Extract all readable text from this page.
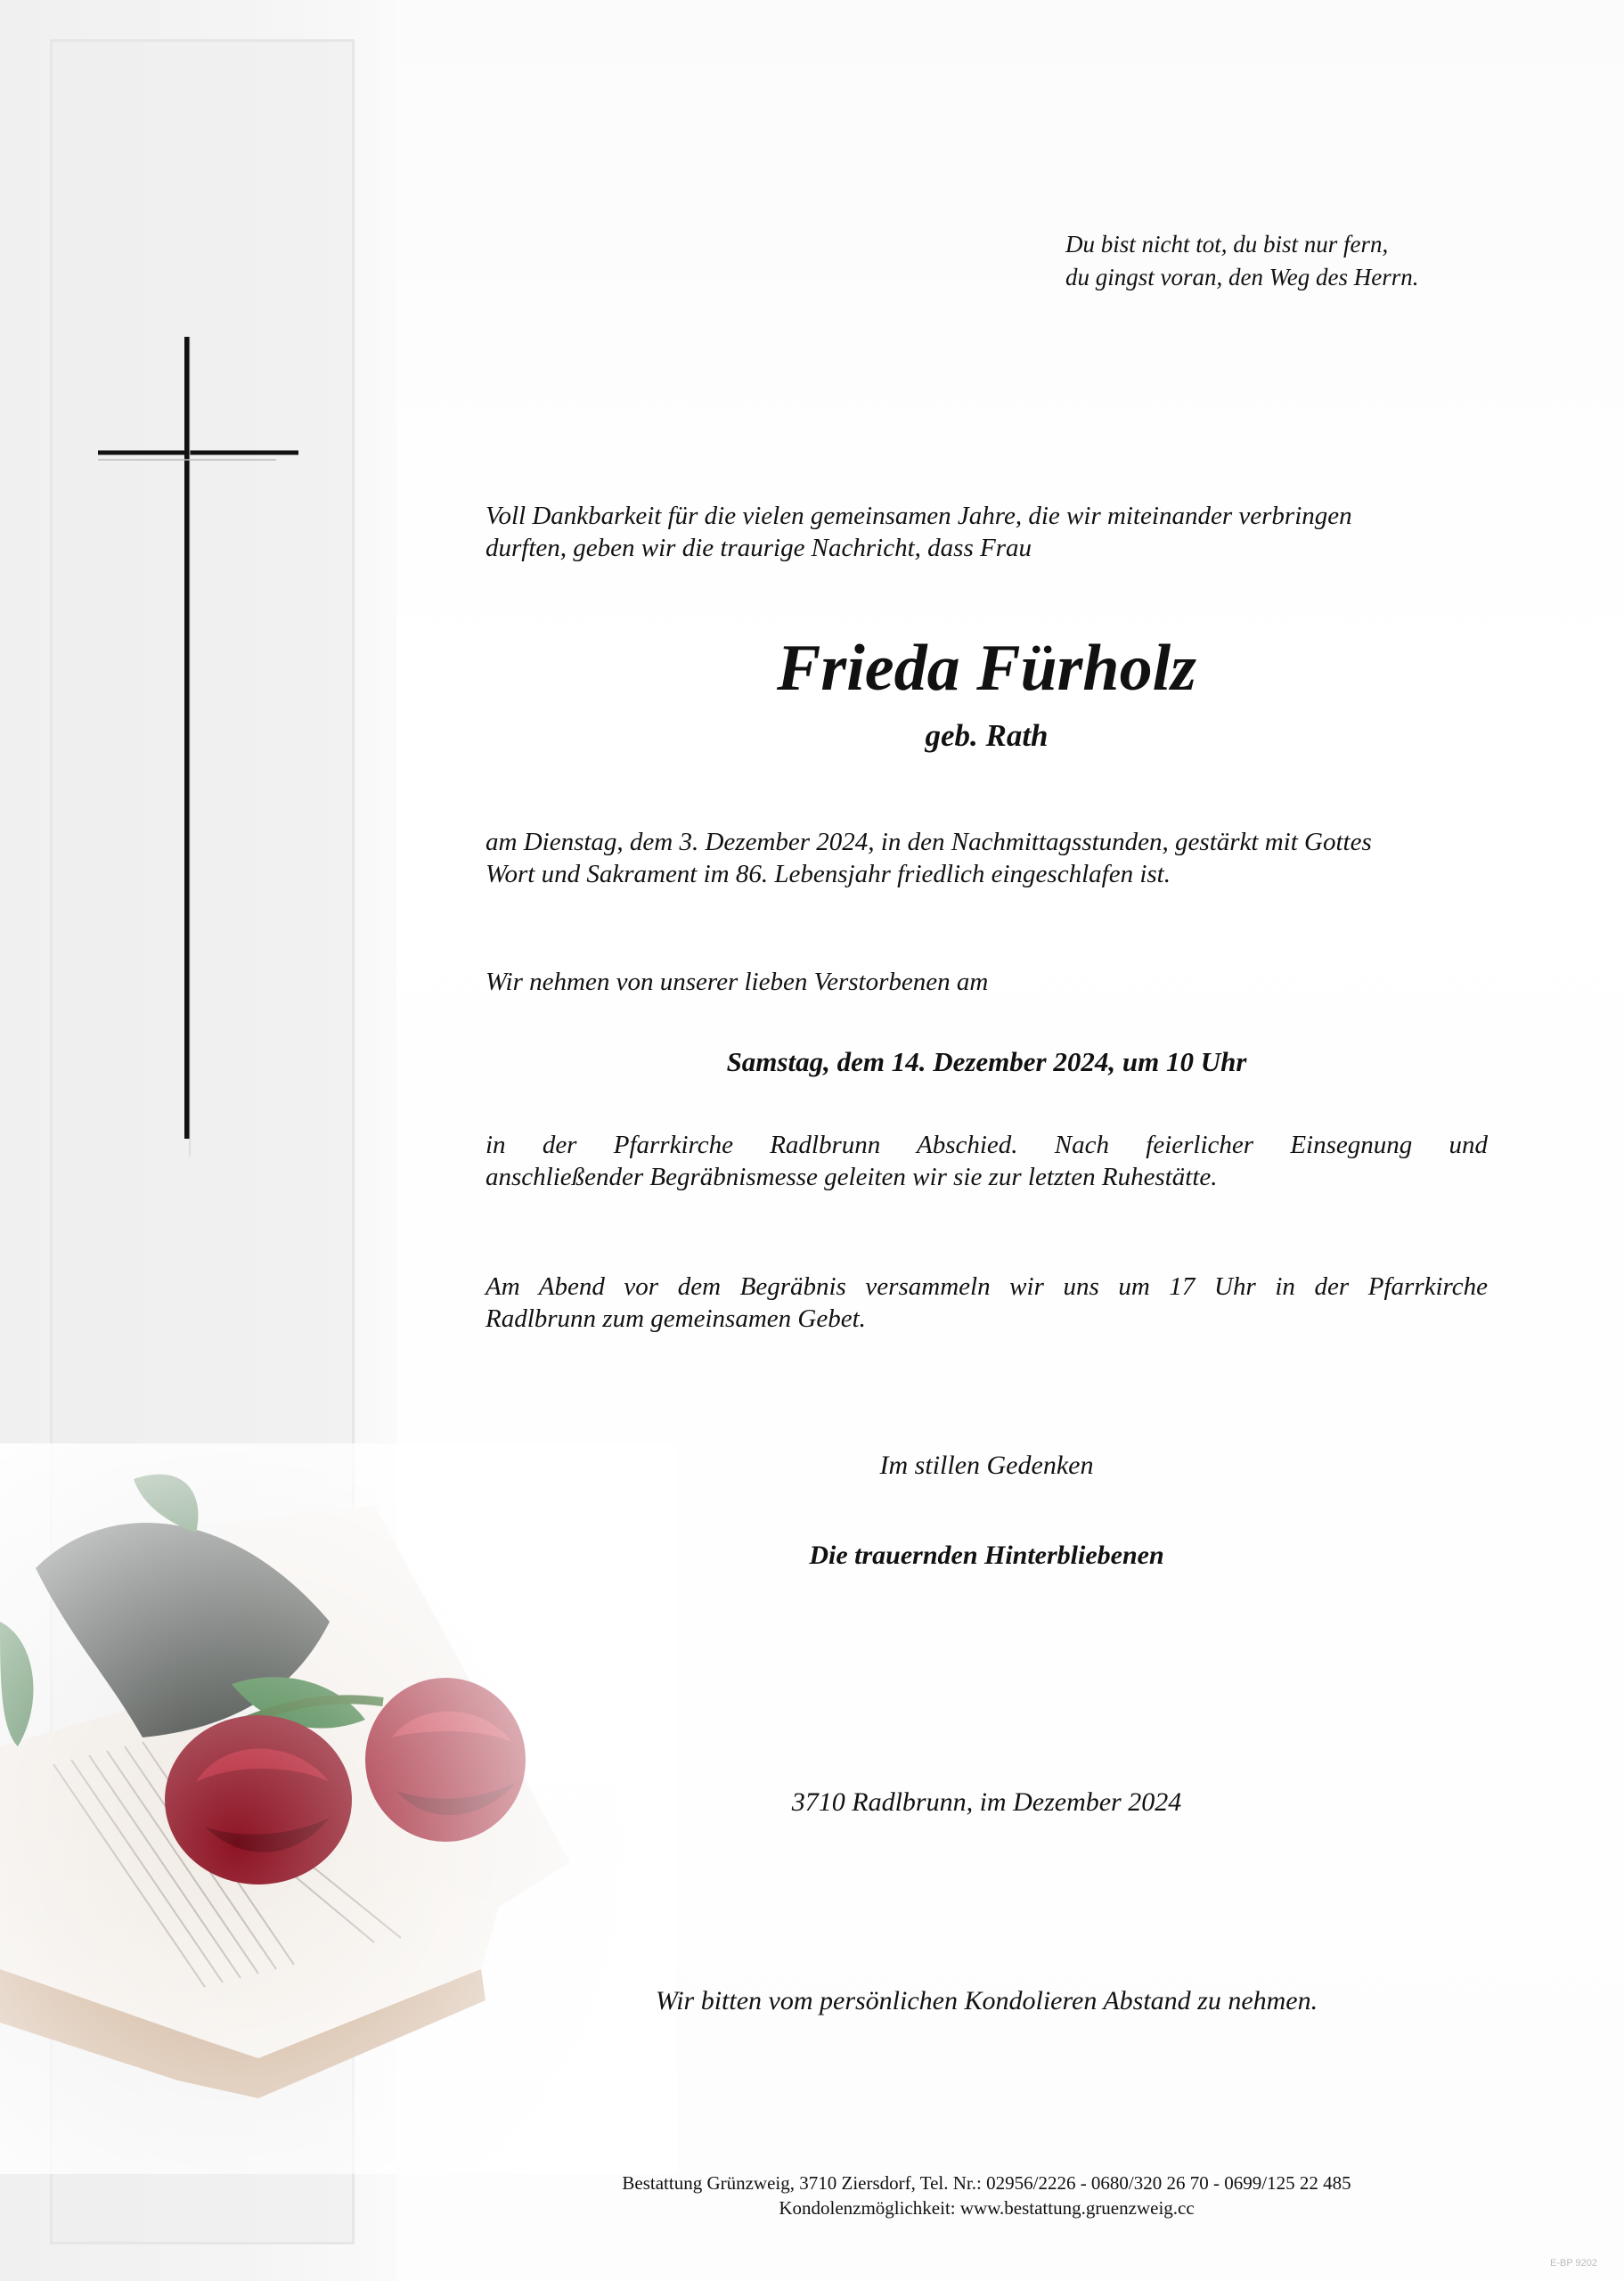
Du bist nicht tot, du bist nur fern,
du gingst voran, den Weg des Herrn.

Voll Dankbarkeit für die vielen gemeinsamen Jahre, die wir miteinander verbringen
durften, geben wir die traurige Nachricht, dass Frau

Frieda Fürholz

geb. Rath

am Dienstag, dem 3. Dezember 2024, in den Nachmittagsstunden, gestärkt mit Gottes
Wort und Sakrament im 86. Lebensjahr friedlich eingeschlafen ist.

Wir nehmen von unserer lieben Verstorbenen am

Samstag, dem 14. Dezember 2024, um 10 Uhr

in der Pfarrkirche Radlbrunn Abschied. Nach feierlicher Einsegnung und
anschließender Begräbnismesse geleiten wir sie zur letzten Ruhestätte.

Am Abend vor dem Begräbnis versammeln wir uns um 17 Uhr in der Pfarrkirche
Radlbrunn zum gemeinsamen Gebet.

Im stillen Gedenken

Die trauernden Hinterbliebenen

3710 Radlbrunn, im Dezember 2024

Wir bitten vom persönlichen Kondolieren Abstand zu nehmen.

Bestattung Grünzweig, 3710 Ziersdorf, Tel. Nr.: 02956/2226 - 0680/320 26 70 - 0699/125 22 485
Kondolenzmöglichkeit: www.bestattung.gruenzweig.cc

E-BP 9202
